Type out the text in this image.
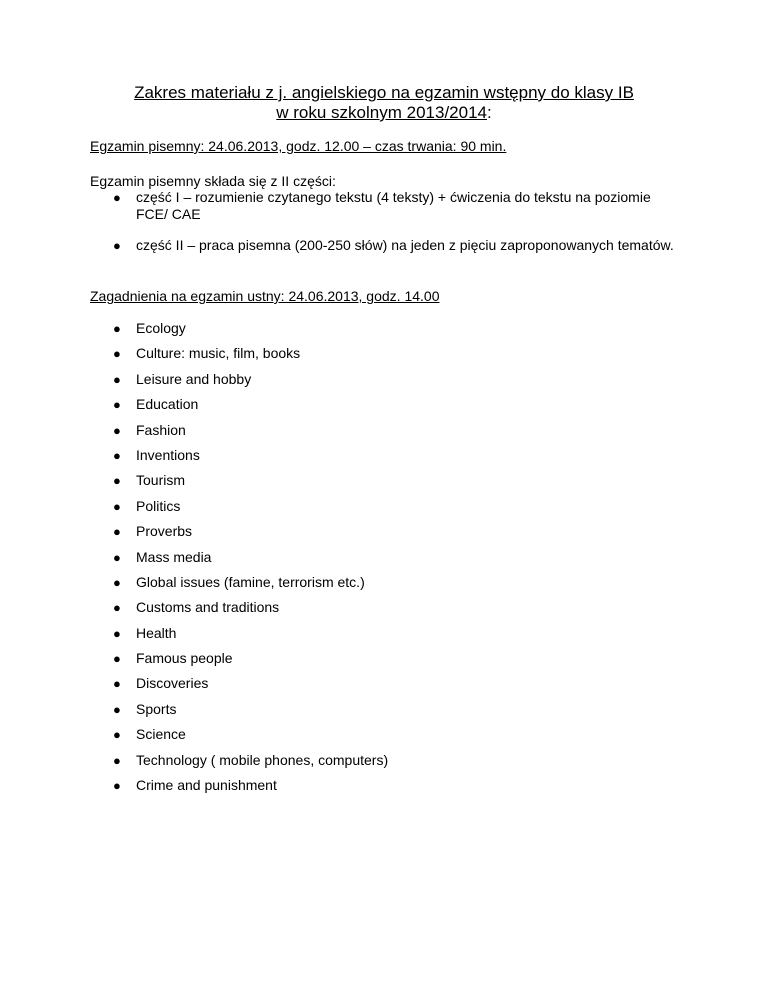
Zakres materiału z j. angielskiego na egzamin wstępny do klasy IB
w roku szkolnym 2013/2014:
Egzamin pisemny: 24.06.2013, godz. 12.00 – czas trwania: 90 min.
Egzamin pisemny składa się z II części:
● część I – rozumienie czytanego tekstu (4 teksty) + ćwiczenia do tekstu na poziomie FCE/ CAE
● część II – praca pisemna (200-250 słów) na jeden z pięciu zaproponowanych tematów.
Zagadnienia na egzamin ustny: 24.06.2013, godz. 14.00
● Ecology
● Culture: music, film, books
● Leisure and hobby
● Education
● Fashion
● Inventions
● Tourism
● Politics
● Proverbs
● Mass media
● Global issues (famine, terrorism etc.)
● Customs and traditions
● Health
● Famous people
● Discoveries
● Sports
● Science
● Technology ( mobile phones, computers)
● Crime and punishment
